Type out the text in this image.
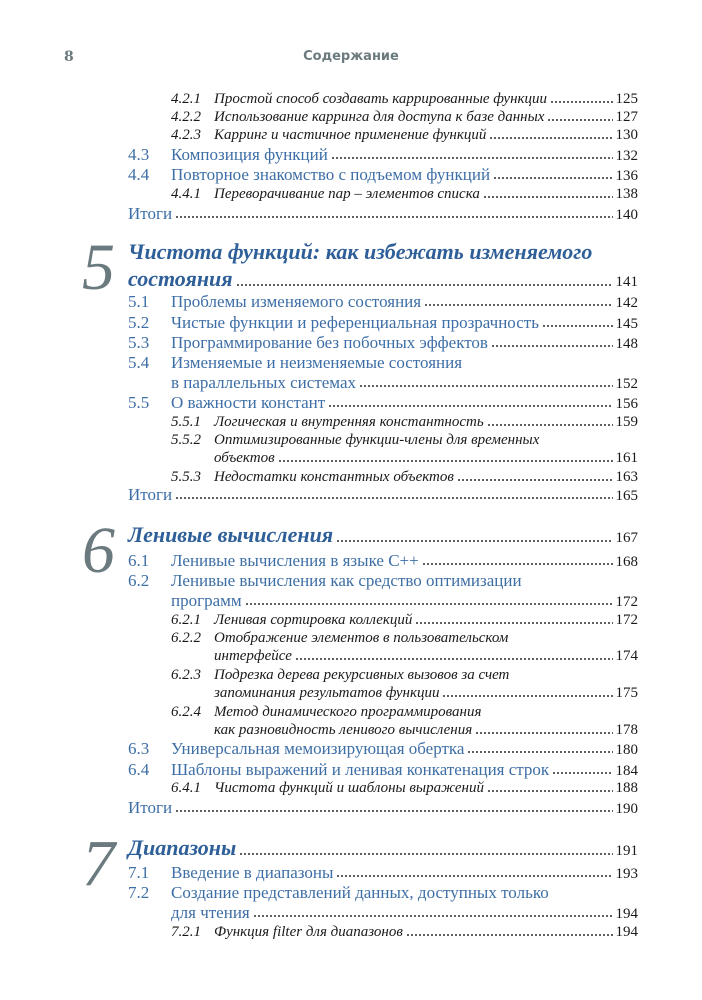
8	Содержание
4.2.1 Простой способ создавать каррированные функции	125
4.2.2 Использование карринга для доступа к базе данных	127
4.2.3 Карринг и частичное применение функций	130
4.3 Композиция функций	132
4.4 Повторное знакомство с подъемом функций	136
4.4.1 Переворачивание пар – элементов списка	138
Итоги	140
5 Чистота функций: как избежать изменяемого
состояния	141
5.1 Проблемы изменяемого состояния	142
5.2 Чистые функции и референциальная прозрачность	145
5.3 Программирование без побочных эффектов	148
5.4 Изменяемые и неизменяемые состояния
в параллельных системах	152
5.5 О важности констант	156
5.5.1 Логическая и внутренняя константность	159
5.5.2 Оптимизированные функции-члены для временных
объектов	161
5.5.3 Недостатки константных объектов	163
Итоги	165
6 Ленивые вычисления	167
6.1 Ленивые вычисления в языке C++	168
6.2 Ленивые вычисления как средство оптимизации
программ	172
6.2.1 Ленивая сортировка коллекций	172
6.2.2 Отображение элементов в пользовательском
интерфейсе	174
6.2.3 Подрезка дерева рекурсивных вызовов за счет
запоминания результатов функции	175
6.2.4 Метод динамического программирования
как разновидность ленивого вычисления	178
6.3 Универсальная мемоизирующая обертка	180
6.4 Шаблоны выражений и ленивая конкатенация строк	184
6.4.1 Чистота функций и шаблоны выражений	188
Итоги	190
7 Диапазоны	191
7.1 Введение в диапазоны	193
7.2 Создание представлений данных, доступных только
для чтения	194
7.2.1 Функция filter для диапазонов	194
